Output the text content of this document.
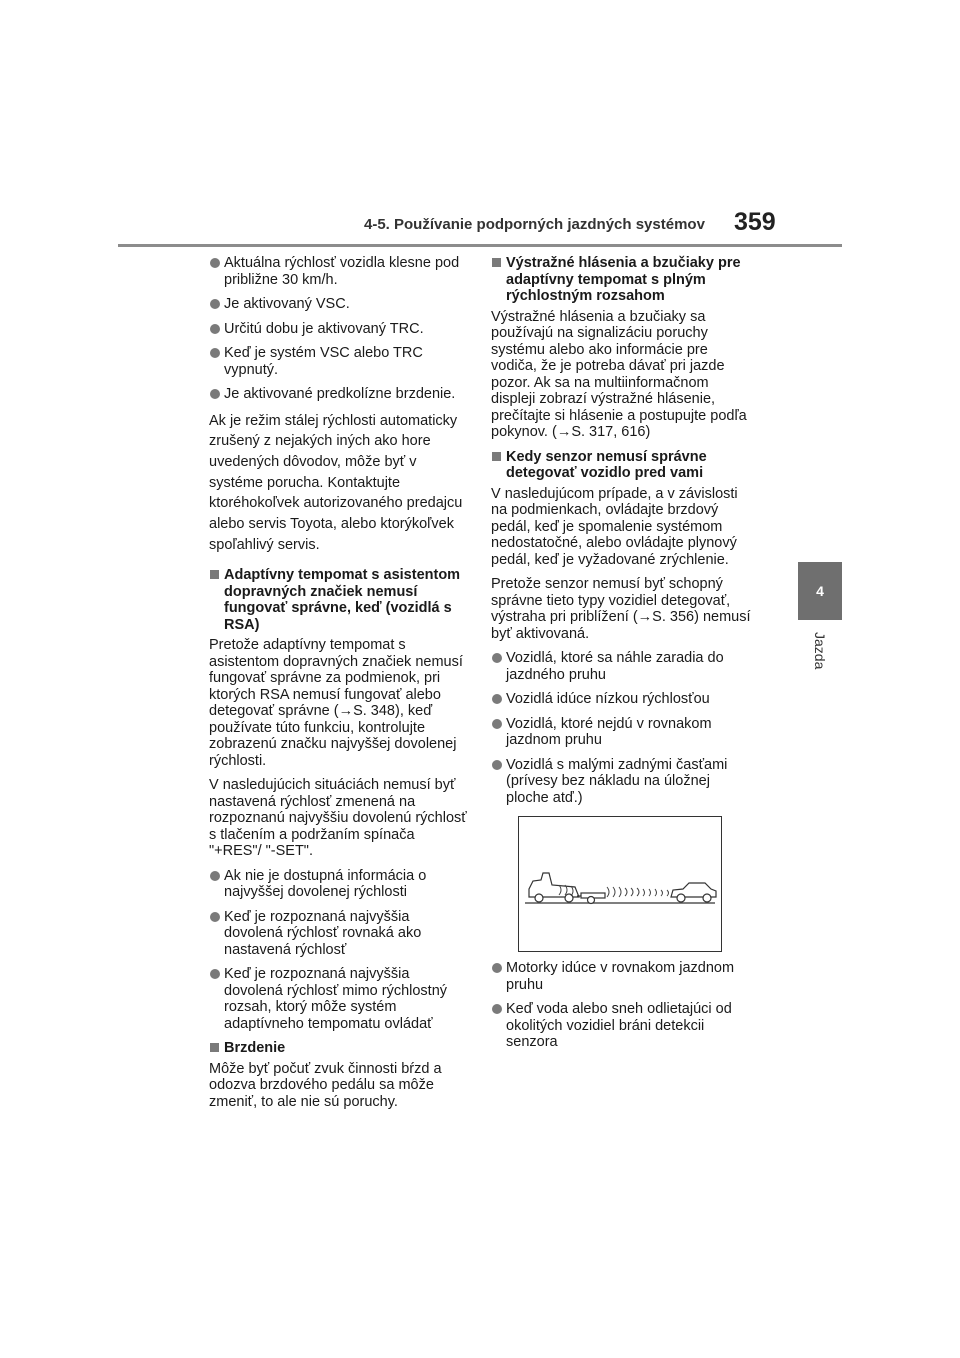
4-5. Používanie podporných jazdných systémov 359
4
Jazda
Aktuálna rýchlosť vozidla klesne pod približne 30 km/h.
Je aktivovaný VSC.
Určitú dobu je aktivovaný TRC.
Keď je systém VSC alebo TRC vypnutý.
Je aktivované predkolízne brzdenie.
Ak je režim stálej rýchlosti automaticky zrušený z nejakých iných ako hore uvedených dôvodov, môže byť v systéme porucha. Kontaktujte ktoréhokoľvek autorizovaného predajcu alebo servis Toyota, alebo ktorýkoľvek spoľahlivý servis.
Adaptívny tempomat s asistentom dopravných značiek nemusí fungovať správne, keď (vozidlá s RSA)
Pretože adaptívny tempomat s asistentom dopravných značiek nemusí fungovať správne za podmienok, pri ktorých RSA nemusí fungovať alebo detegovať správne (→S. 348), keď používate túto funkciu, kontrolujte zobrazenú značku najvyššej dovolenej rýchlosti.
V nasledujúcich situáciách nemusí byť nastavená rýchlosť zmenená na rozpoznanú najvyššiu dovolenú rýchlosť s tlačením a podržaním spínača "+RES"/ "-SET".
Ak nie je dostupná informácia o najvyššej dovolenej rýchlosti
Keď je rozpoznaná najvyššia dovolená rýchlosť rovnaká ako nastavená rýchlosť
Keď je rozpoznaná najvyššia dovolená rýchlosť mimo rýchlostný rozsah, ktorý môže systém adaptívneho tempomatu ovládať
Brzdenie
Môže byť počuť zvuk činnosti bŕzd a odozva brzdového pedálu sa môže zmeniť, to ale nie sú poruchy.
Výstražné hlásenia a bzučiaky pre adaptívny tempomat s plným rýchlostným rozsahom
Výstražné hlásenia a bzučiaky sa používajú na signalizáciu poruchy systému alebo ako informácie pre vodiča, že je potreba dávať pri jazde pozor. Ak sa na multiinformačnom displeji zobrazí výstražné hlásenie, prečítajte si hlásenie a postupujte podľa pokynov. (→S. 317, 616)
Kedy senzor nemusí správne detegovať vozidlo pred vami
V nasledujúcom prípade, a v závislosti na podmienkach, ovládajte brzdový pedál, keď je spomalenie systémom nedostatočné, alebo ovládajte plynový pedál, keď je vyžadované zrýchlenie.
Pretože senzor nemusí byť schopný správne tieto typy vozidiel detegovať, výstraha pri priblížení (→S. 356) nemusí byť aktivovaná.
Vozidlá, ktoré sa náhle zaradia do jazdného pruhu
Vozidlá idúce nízkou rýchlosťou
Vozidlá, ktoré nejdú v rovnakom jazdnom pruhu
Vozidlá s malými zadnými časťami (prívesy bez nákladu na úložnej ploche atď.)
Motorky idúce v rovnakom jazdnom pruhu
Keď voda alebo sneh odlietajúci od okolitých vozidiel bráni detekcii senzora
